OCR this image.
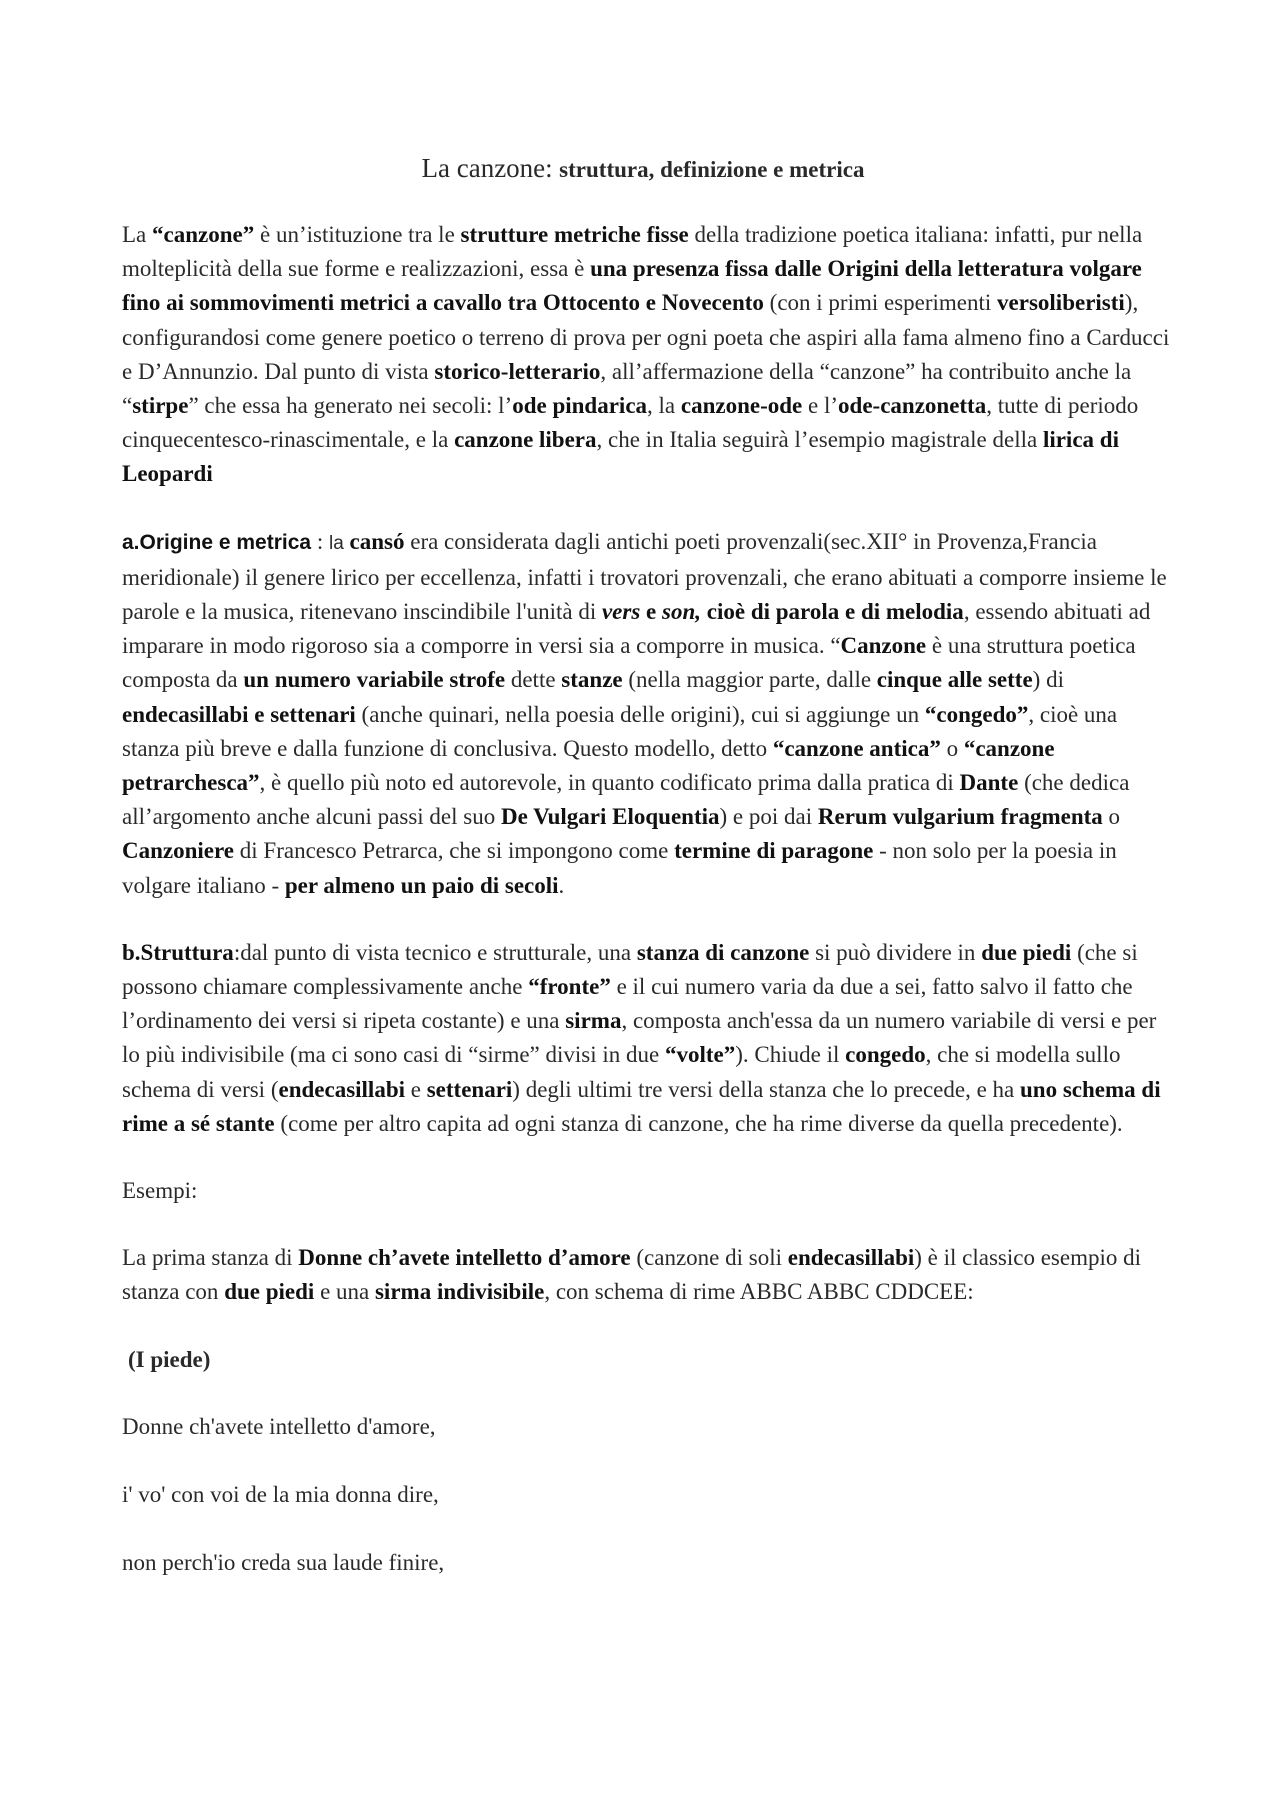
La canzone: struttura, definizione e metrica

La “canzone” è un’istituzione tra le strutture metriche fisse della tradizione poetica italiana: infatti, pur nella molteplicità della sue forme e realizzazioni, essa è una presenza fissa dalle Origini della letteratura volgare fino ai sommovimenti metrici a cavallo tra Ottocento e Novecento (con i primi esperimenti versoliberisti), configurandosi come genere poetico o terreno di prova per ogni poeta che aspiri alla fama almeno fino a Carducci e D’Annunzio. Dal punto di vista storico-letterario, all’affermazione della “canzone” ha contribuito anche la “stirpe” che essa ha generato nei secoli: l’ode pindarica, la canzone-ode e l’ode-canzonetta, tutte di periodo cinquecentesco-rinascimentale, e la canzone libera, che in Italia seguirà l’esempio magistrale della lirica di Leopardi

a.Origine e metrica : la cansó era considerata dagli antichi poeti provenzali(sec.XII° in Provenza,Francia meridionale) il genere lirico per eccellenza, infatti i trovatori provenzali, che erano abituati a comporre insieme le parole e la musica, ritenevano inscindibile l'unità di vers e son, cioè di parola e di melodia, essendo abituati ad imparare in modo rigoroso sia a comporre in versi sia a comporre in musica. “Canzone è una struttura poetica composta da un numero variabile strofe dette stanze (nella maggior parte, dalle cinque alle sette) di endecasillabi e settenari (anche quinari, nella poesia delle origini), cui si aggiunge un “congedo”, cioè una stanza più breve e dalla funzione di conclusiva. Questo modello, detto “canzone antica” o “canzone petrarchesca”, è quello più noto ed autorevole, in quanto codificato prima dalla pratica di Dante (che dedica all’argomento anche alcuni passi del suo De Vulgari Eloquentia) e poi dai Rerum vulgarium fragmenta o Canzoniere di Francesco Petrarca, che si impongono come termine di paragone - non solo per la poesia in volgare italiano - per almeno un paio di secoli.

b.Struttura:dal punto di vista tecnico e strutturale, una stanza di canzone si può dividere in due piedi (che si possono chiamare complessivamente anche “fronte” e il cui numero varia da due a sei, fatto salvo il fatto che l’ordinamento dei versi si ripeta costante) e una sirma, composta anch'essa da un numero variabile di versi e per lo più indivisibile (ma ci sono casi di “sirme” divisi in due “volte”). Chiude il congedo, che si modella sullo schema di versi (endecasillabi e settenari) degli ultimi tre versi della stanza che lo precede, e ha uno schema di rime a sé stante (come per altro capita ad ogni stanza di canzone, che ha rime diverse da quella precedente).

Esempi:

La prima stanza di Donne ch’avete intelletto d’amore (canzone di soli endecasillabi) è il classico esempio di stanza con due piedi e una sirma indivisibile, con schema di rime ABBC ABBC CDDCEE:

(I piede)

Donne ch'avete intelletto d'amore,

i' vo' con voi de la mia donna dire,

non perch'io creda sua laude finire,
